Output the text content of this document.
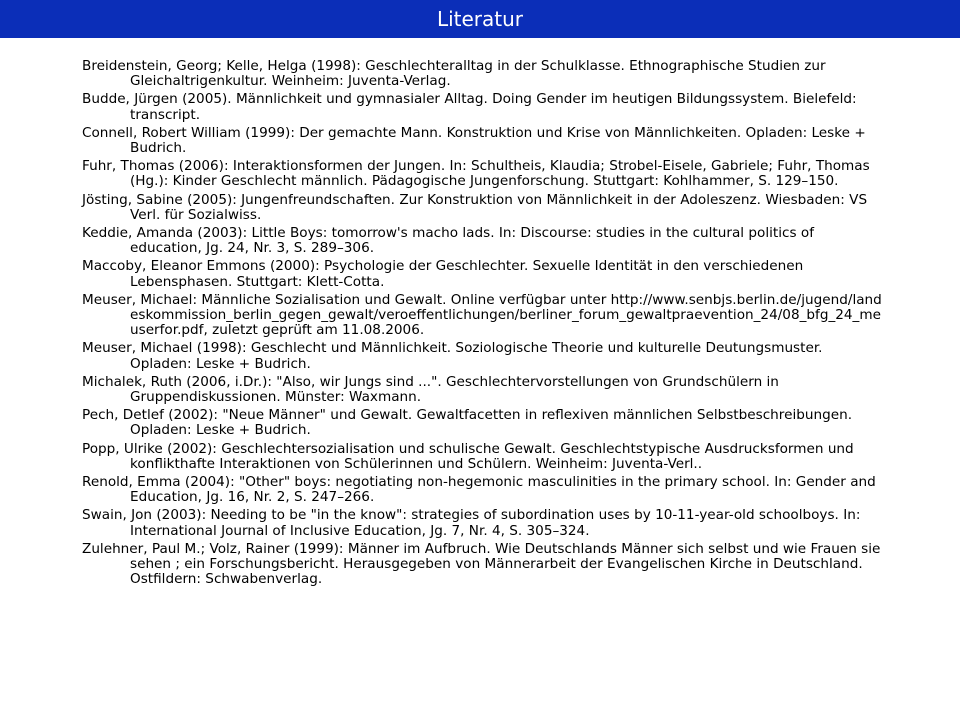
Literatur
Breidenstein, Georg; Kelle, Helga (1998): Geschlechteralltag in der Schulklasse. Ethnographische Studien zur Gleichaltrigenkultur. Weinheim: Juventa-Verlag.
Budde, Jürgen (2005). Männlichkeit und gymnasialer Alltag. Doing Gender im heutigen Bildungssystem. Bielefeld: transcript.
Connell, Robert William (1999): Der gemachte Mann. Konstruktion und Krise von Männlichkeiten. Opladen: Leske + Budrich.
Fuhr, Thomas (2006): Interaktionsformen der Jungen. In: Schultheis, Klaudia; Strobel-Eisele, Gabriele; Fuhr, Thomas (Hg.): Kinder Geschlecht männlich. Pädagogische Jungenforschung. Stuttgart: Kohlhammer, S. 129–150.
Jösting, Sabine (2005): Jungenfreundschaften. Zur Konstruktion von Männlichkeit in der Adoleszenz. Wiesbaden: VS Verl. für Sozialwiss.
Keddie, Amanda (2003): Little Boys: tomorrow's macho lads. In: Discourse: studies in the cultural politics of education, Jg. 24, Nr. 3, S. 289–306.
Maccoby, Eleanor Emmons (2000): Psychologie der Geschlechter. Sexuelle Identität in den verschiedenen Lebensphasen. Stuttgart: Klett-Cotta.
Meuser, Michael: Männliche Sozialisation und Gewalt. Online verfügbar unter http://www.senbjs.berlin.de/jugend/landeskommission_berlin_gegen_gewalt/veroeffentlichungen/berliner_forum_gewaltpraevention_24/08_bfg_24_meuserfor.pdf, zuletzt geprüft am 11.08.2006.
Meuser, Michael (1998): Geschlecht und Männlichkeit. Soziologische Theorie und kulturelle Deutungsmuster. Opladen: Leske + Budrich.
Michalek, Ruth (2006, i.Dr.): "Also, wir Jungs sind ...". Geschlechtervorstellungen von Grundschülern in Gruppendiskussionen. Münster: Waxmann.
Pech, Detlef (2002): "Neue Männer" und Gewalt. Gewaltfacetten in reflexiven männlichen Selbstbeschreibungen. Opladen: Leske + Budrich.
Popp, Ulrike (2002): Geschlechtersozialisation und schulische Gewalt. Geschlechtstypische Ausdrucksformen und konflikthafte Interaktionen von Schülerinnen und Schülern. Weinheim: Juventa-Verl..
Renold, Emma (2004): "Other" boys: negotiating non-hegemonic masculinities in the primary school. In: Gender and Education, Jg. 16, Nr. 2, S. 247–266.
Swain, Jon (2003): Needing to be "in the know": strategies of subordination uses by 10-11-year-old schoolboys. In: International Journal of Inclusive Education, Jg. 7, Nr. 4, S. 305–324.
Zulehner, Paul M.; Volz, Rainer (1999): Männer im Aufbruch. Wie Deutschlands Männer sich selbst und wie Frauen sie sehen ; ein Forschungsbericht. Herausgegeben von Männerarbeit der Evangelischen Kirche in Deutschland. Ostfildern: Schwabenverlag.
